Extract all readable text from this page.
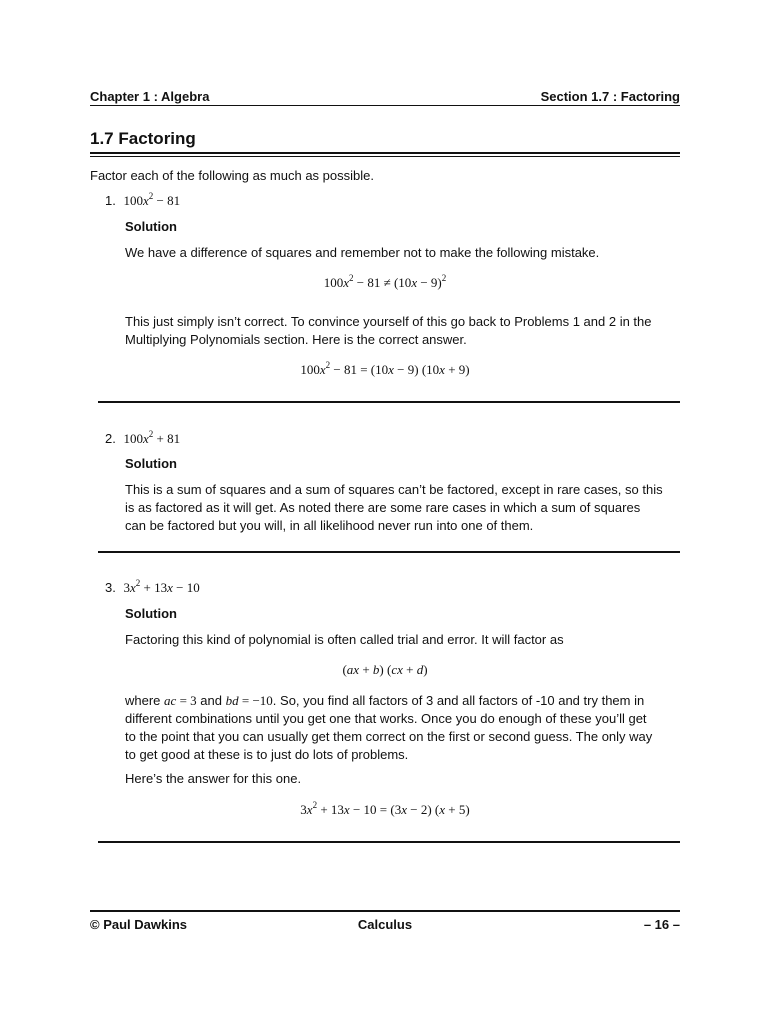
Chapter 1 : Algebra	Section 1.7 : Factoring
1.7 Factoring
Factor each of the following as much as possible.
1. $100x^2 - 81$
Solution
We have a difference of squares and remember not to make the following mistake.
$100x^2 - 81 \ne (10x - 9)^2$
This just simply isn’t correct. To convince yourself of this go back to Problems 1 and 2 in the
Multiplying Polynomials section. Here is the correct answer.
$100x^2 - 81 = (10x - 9) (10x + 9)$
2. $100x^2 + 81$
Solution
This is a sum of squares and a sum of squares can’t be factored, except in rare cases, so this
is as factored as it will get. As noted there are some rare cases in which a sum of squares
can be factored but you will, in all likelihood never run into one of them.
3. $3x^2 + 13x - 10$
Solution
Factoring this kind of polynomial is often called trial and error. It will factor as
(ax + b) (cx + d)
where ac = 3 and bd = −10. So, you find all factors of 3 and all factors of -10 and try them in
different combinations until you get one that works. Once you do enough of these you’ll get
to the point that you can usually get them correct on the first or second guess. The only way
to get good at these is to just do lots of problems.
Here’s the answer for this one.
$3x^2 + 13x - 10 = (3x - 2) (x + 5)$
© Paul Dawkins	Calculus	– 16 –
